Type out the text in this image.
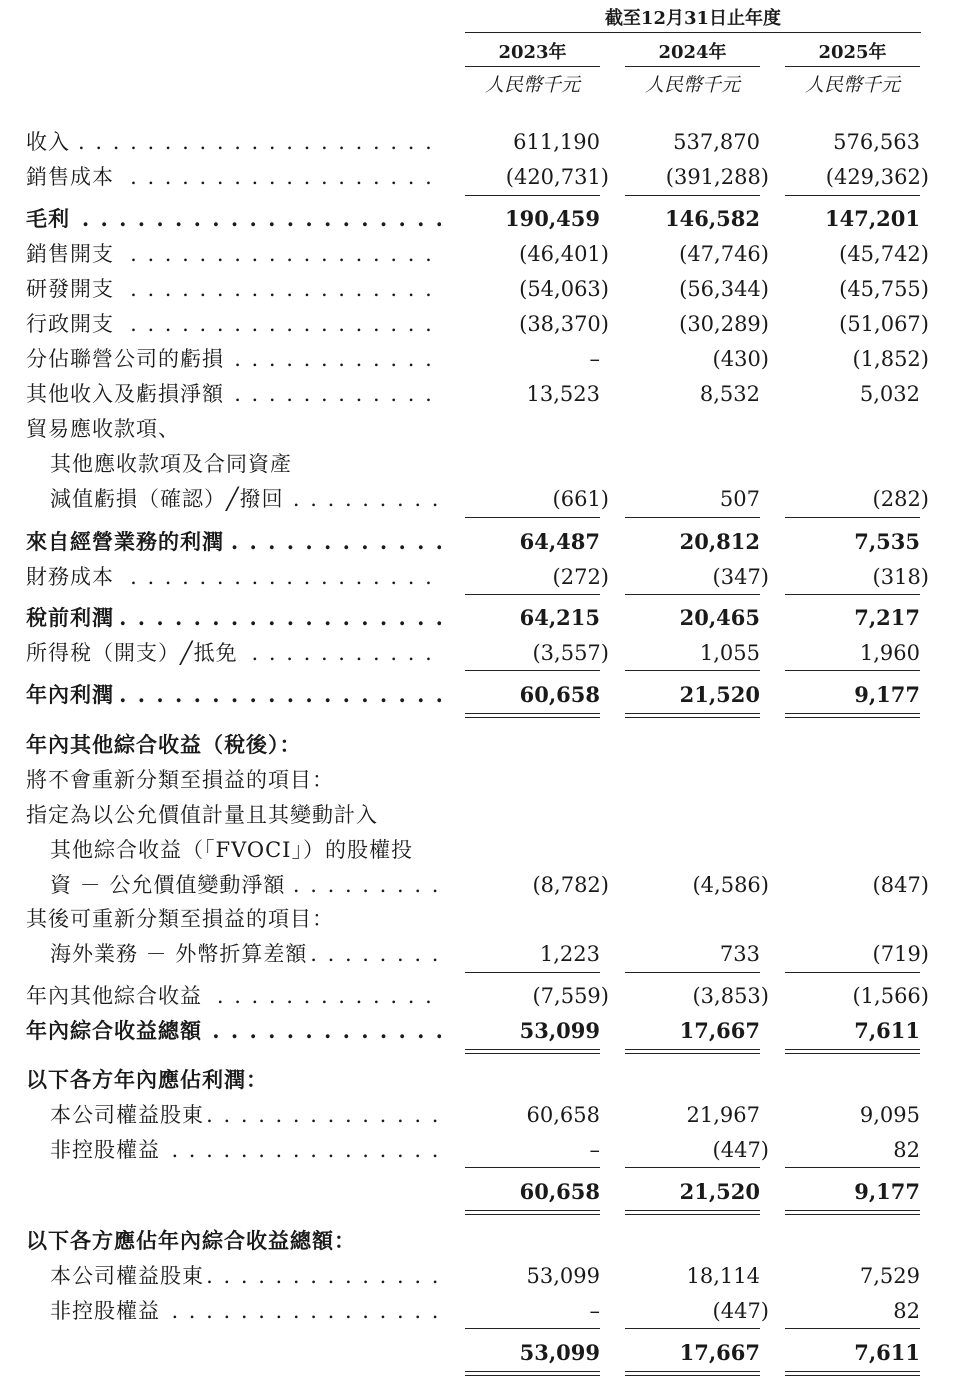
截至12月31日止年度
2023年	2024年	2025年
人民幣千元	人民幣千元	人民幣千元
收入 . . .	611,190	537,870	576,563
銷售成本 . . .	(420,731)	(391,288)	(429,362)
毛利 . . .	190,459	146,582	147,201
銷售開支 . . .	(46,401)	(47,746)	(45,742)
研發開支 . . .	(54,063)	(56,344)	(45,755)
行政開支 . . .	(38,370)	(30,289)	(51,067)
分佔聯營公司的虧損 . . .	–	(430)	(1,852)
其他收入及虧損淨額 . . .	13,523	8,532	5,032
貿易應收款項、
其他應收款項及合同資產
減值虧損（確認）╱撥回 . . .	(661)	507	(282)
來自經營業務的利潤 . . .	64,487	20,812	7,535
財務成本 . . .	(272)	(347)	(318)
稅前利潤 . . .	64,215	20,465	7,217
所得稅（開支）╱抵免 . . .	(3,557)	1,055	1,960
年內利潤 . . .	60,658	21,520	9,177
年內其他綜合收益（稅後）：
將不會重新分類至損益的項目：
指定為以公允價值計量且其變動計入
其他綜合收益（「FVOCI」）的股權投
資 － 公允價值變動淨額 . . .	(8,782)	(4,586)	(847)
其後可重新分類至損益的項目：
海外業務 － 外幣折算差額 . . .	1,223	733	(719)
年內其他綜合收益 . . .	(7,559)	(3,853)	(1,566)
年內綜合收益總額 . . .	53,099	17,667	7,611
以下各方年內應佔利潤：
本公司權益股東 . . .	60,658	21,967	9,095
非控股權益 . . .	–	(447)	82
60,658	21,520	9,177
以下各方應佔年內綜合收益總額：
本公司權益股東 . . .	53,099	18,114	7,529
非控股權益 . . .	–	(447)	82
53,099	17,667	7,611
